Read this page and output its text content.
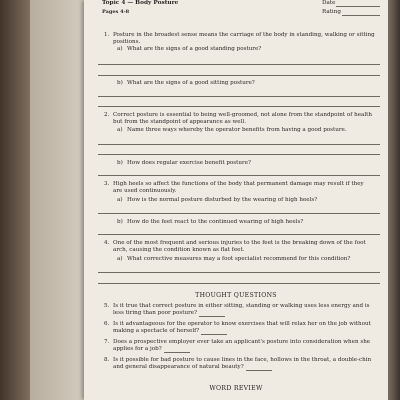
Topic 4 — Body Posture
Pages 4-8
Date
Rating
1. Posture in the broadest sense means the carriage of the body in standing, walking or sitting
positions.
a) What are the signs of a good standing posture?
b) What are the signs of a good sitting posture?
2. Correct posture is essential to being well-groomed, not alone from the standpoint of health
but from the standpoint of appearance as well.
a) Name three ways whereby the operator benefits from having a good posture.
b) How does regular exercise benefit posture?
3. High heels so affect the functions of the body that permanent damage may result if they
are used continuously.
a) How is the normal posture disturbed by the wearing of high heels?
b) How do the feet react to the continued wearing of high heels?
4. One of the most frequent and serious injuries to the feet is the breaking down of the foot
arch, causing the condition known as flat feet.
a) What corrective measures may a foot specialist recommend for this condition?
THOUGHT QUESTIONS
5. Is it true that correct posture in either sitting, standing or walking uses less energy and is
less tiring than poor posture?
6. Is it advantageous for the operator to know exercises that will relax her on the job without
making a spectacle of herself?
7. Does a prospective employer ever take an applicant's posture into consideration when she
applies for a job?
8. Is it possible for bad posture to cause lines in the face, hollows in the throat, a double-chin
and general disappearance of natural beauty?
WORD REVIEW
